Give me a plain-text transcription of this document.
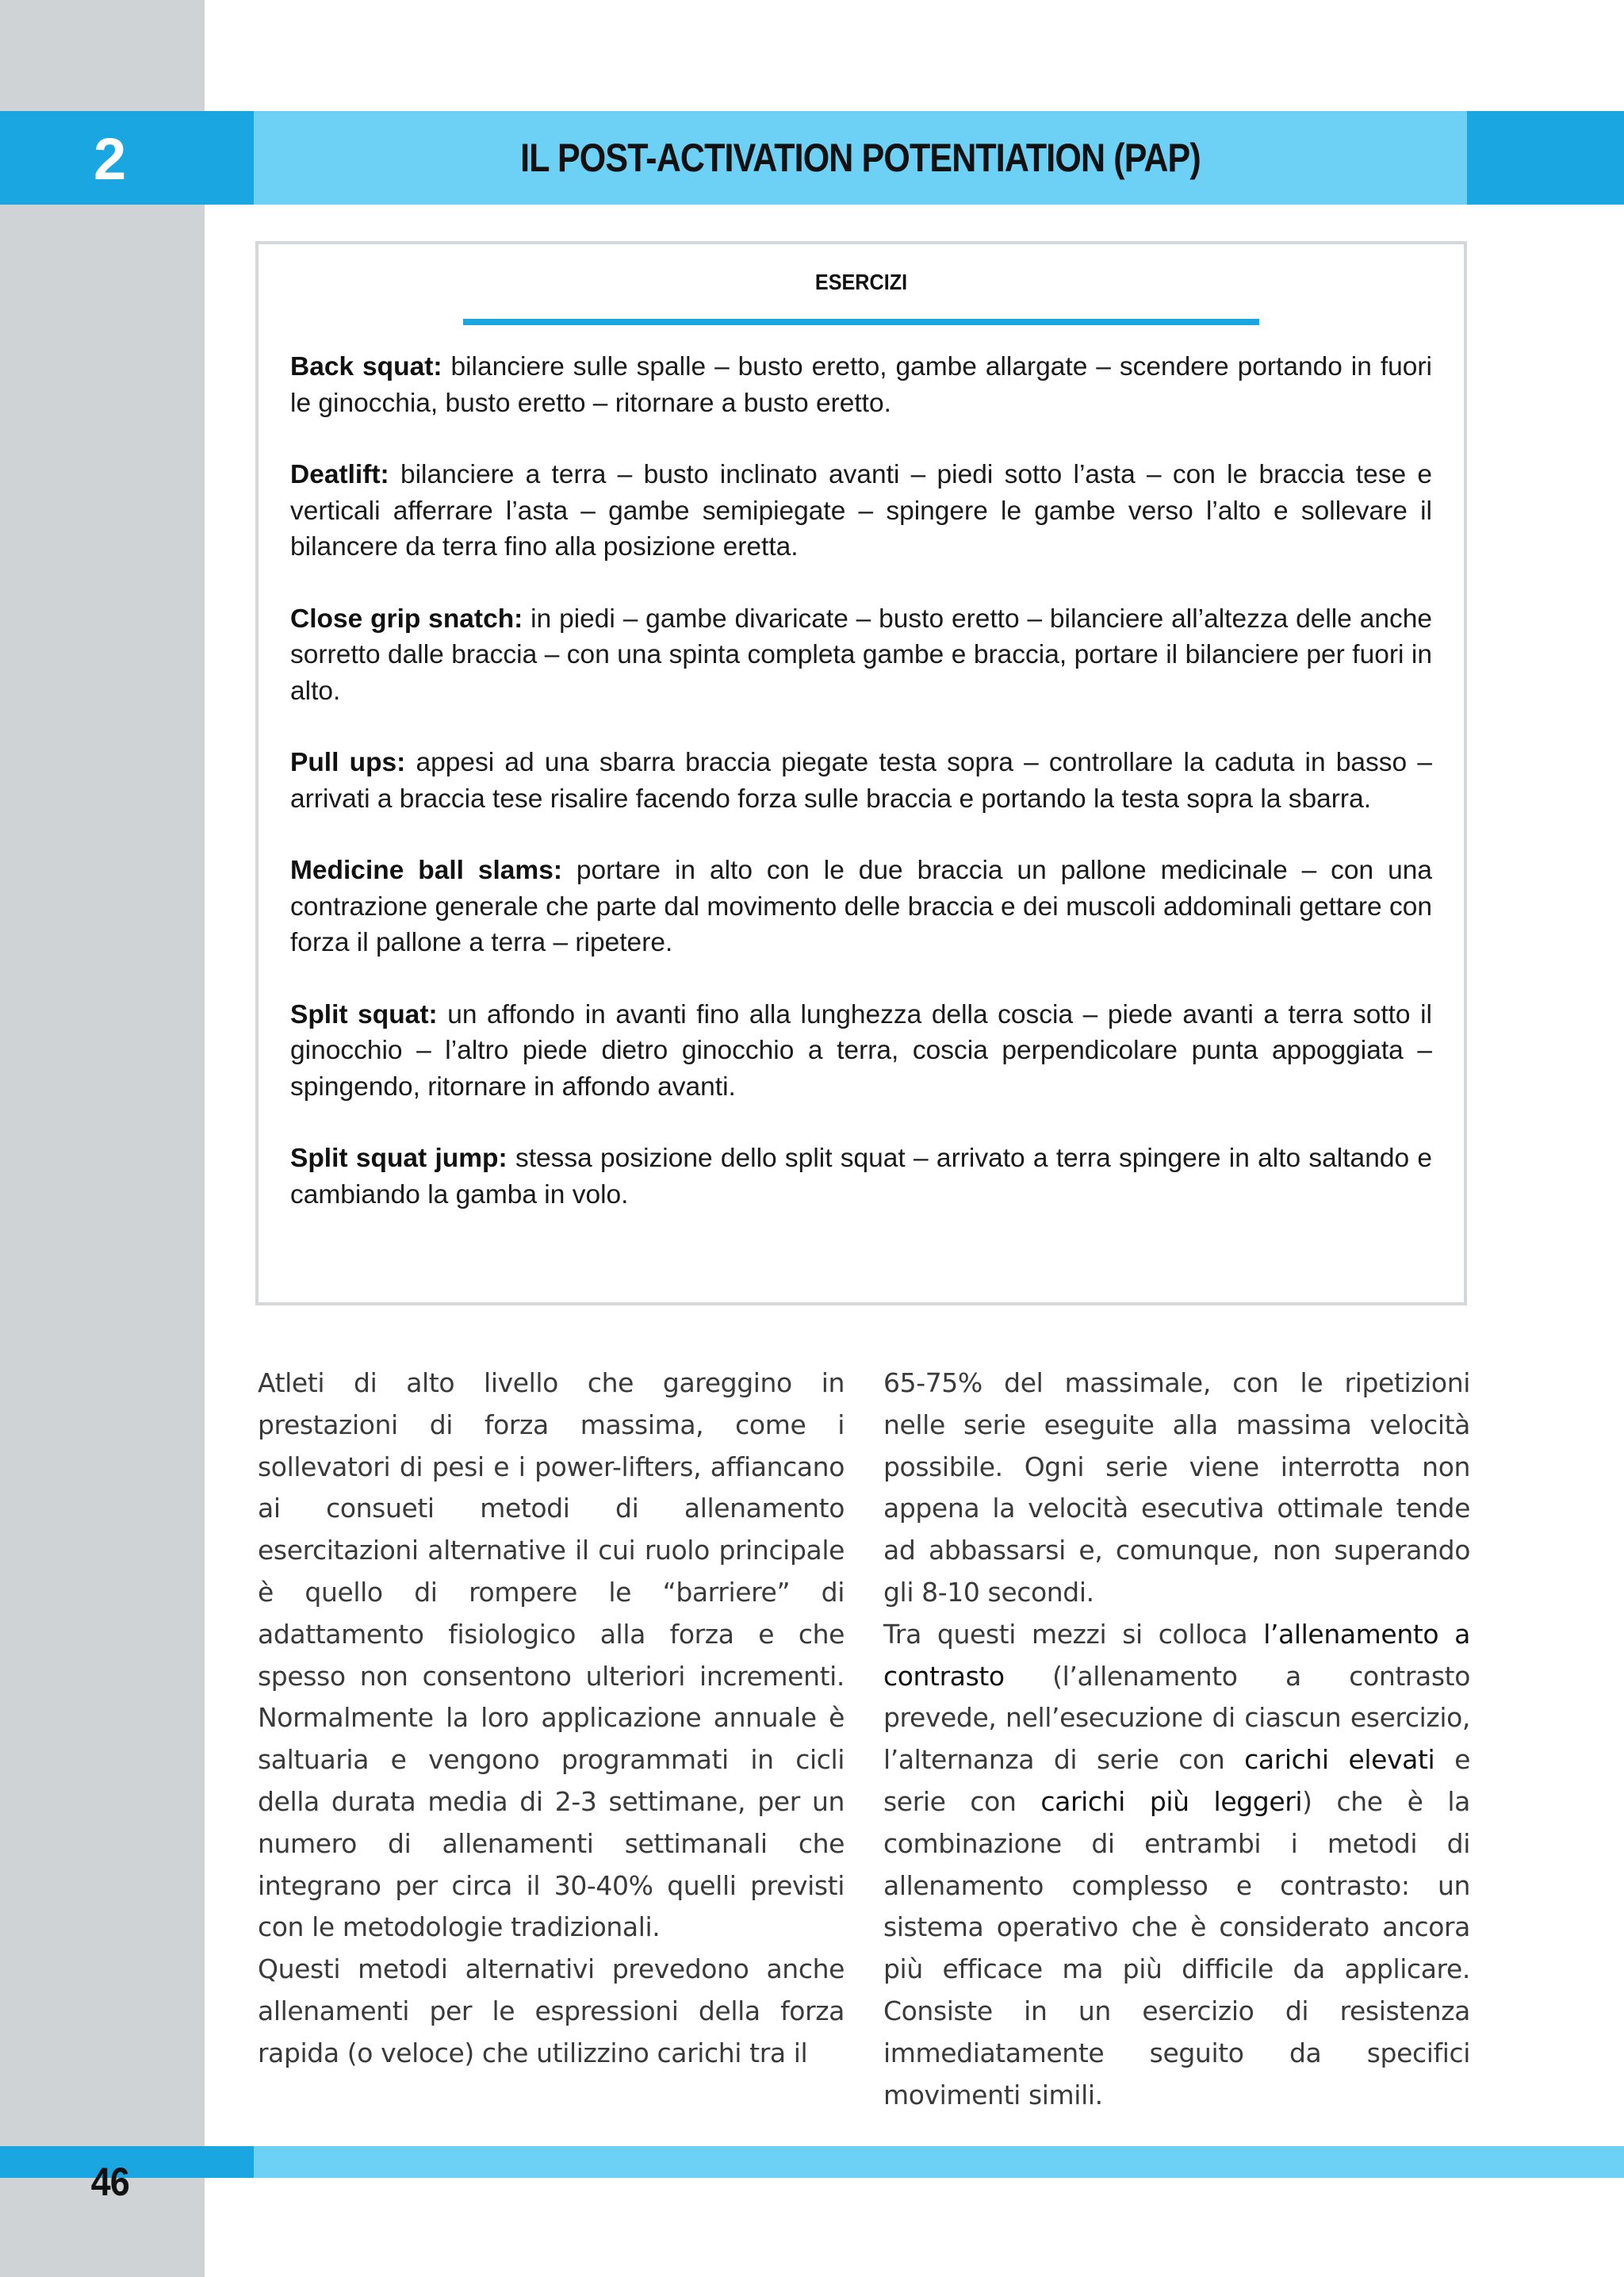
2	IL POST-ACTIVATION POTENTIATION (PAP)
ESERCIZI

Back squat: bilanciere sulle spalle – busto eretto, gambe allargate – scendere portando in fuori le ginocchia, busto eretto – ritornare a busto eretto.

Deatlift: bilanciere a terra – busto inclinato avanti – piedi sotto l’asta – con le braccia tese e verticali afferrare l’asta – gambe semipiegate – spingere le gambe verso l’alto e sollevare il bilancere da terra fino alla posizione eretta.

Close grip snatch: in piedi – gambe divaricate – busto eretto – bilanciere all’altezza delle anche sorretto dalle braccia – con una spinta completa gambe e braccia, portare il bilanciere per fuori in alto.

Pull ups: appesi ad una sbarra braccia piegate testa sopra – controllare la caduta in basso – arrivati a braccia tese risalire facendo forza sulle braccia e portando la testa sopra la sbarra.

Medicine ball slams: portare in alto con le due braccia un pallone medicinale – con una contrazione generale che parte dal movimento delle braccia e dei muscoli addominali gettare con forza il pallone a terra – ripetere.

Split squat: un affondo in avanti fino alla lunghezza della coscia – piede avanti a terra sotto il ginocchio – l’altro piede dietro ginocchio a terra, coscia perpendicolare punta appoggiata – spingendo, ritornare in affondo avanti.

Split squat jump: stessa posizione dello split squat – arrivato a terra spingere in alto saltando e cambiando la gamba in volo.

Atleti di alto livello che gareggino in prestazioni di forza massima, come i sollevatori di pesi e i power-lifters, affiancano ai consueti metodi di allenamento esercitazioni alternative il cui ruolo principale è quello di rompere le “barriere” di adattamento fisiologico alla forza e che spesso non consentono ulteriori incrementi. Normalmente la loro applicazione annuale è saltuaria e vengono programmati in cicli della durata media di 2-3 settimane, per un numero di allenamenti settimanali che integrano per circa il 30-40% quelli previsti con le metodologie tradizionali.

Questi metodi alternativi prevedono anche allenamenti per le espressioni della forza rapida (o veloce) che utilizzino carichi tra il

65-75% del massimale, con le ripetizioni nelle serie eseguite alla massima velocità possibile. Ogni serie viene interrotta non appena la velocità esecutiva ottimale tende ad abbassarsi e, comunque, non superando gli 8-10 secondi.

Tra questi mezzi si colloca l’allenamento a contrasto (l’allenamento a contrasto prevede, nell’esecuzione di ciascun esercizio, l’alternanza di serie con carichi elevati e serie con carichi più leggeri) che è la combinazione di entrambi i metodi di allenamento complesso e contrasto: un sistema operativo che è considerato ancora più efficace ma più difficile da applicare. Consiste in un esercizio di resistenza immediatamente seguito da specifici movimenti simili.

46
